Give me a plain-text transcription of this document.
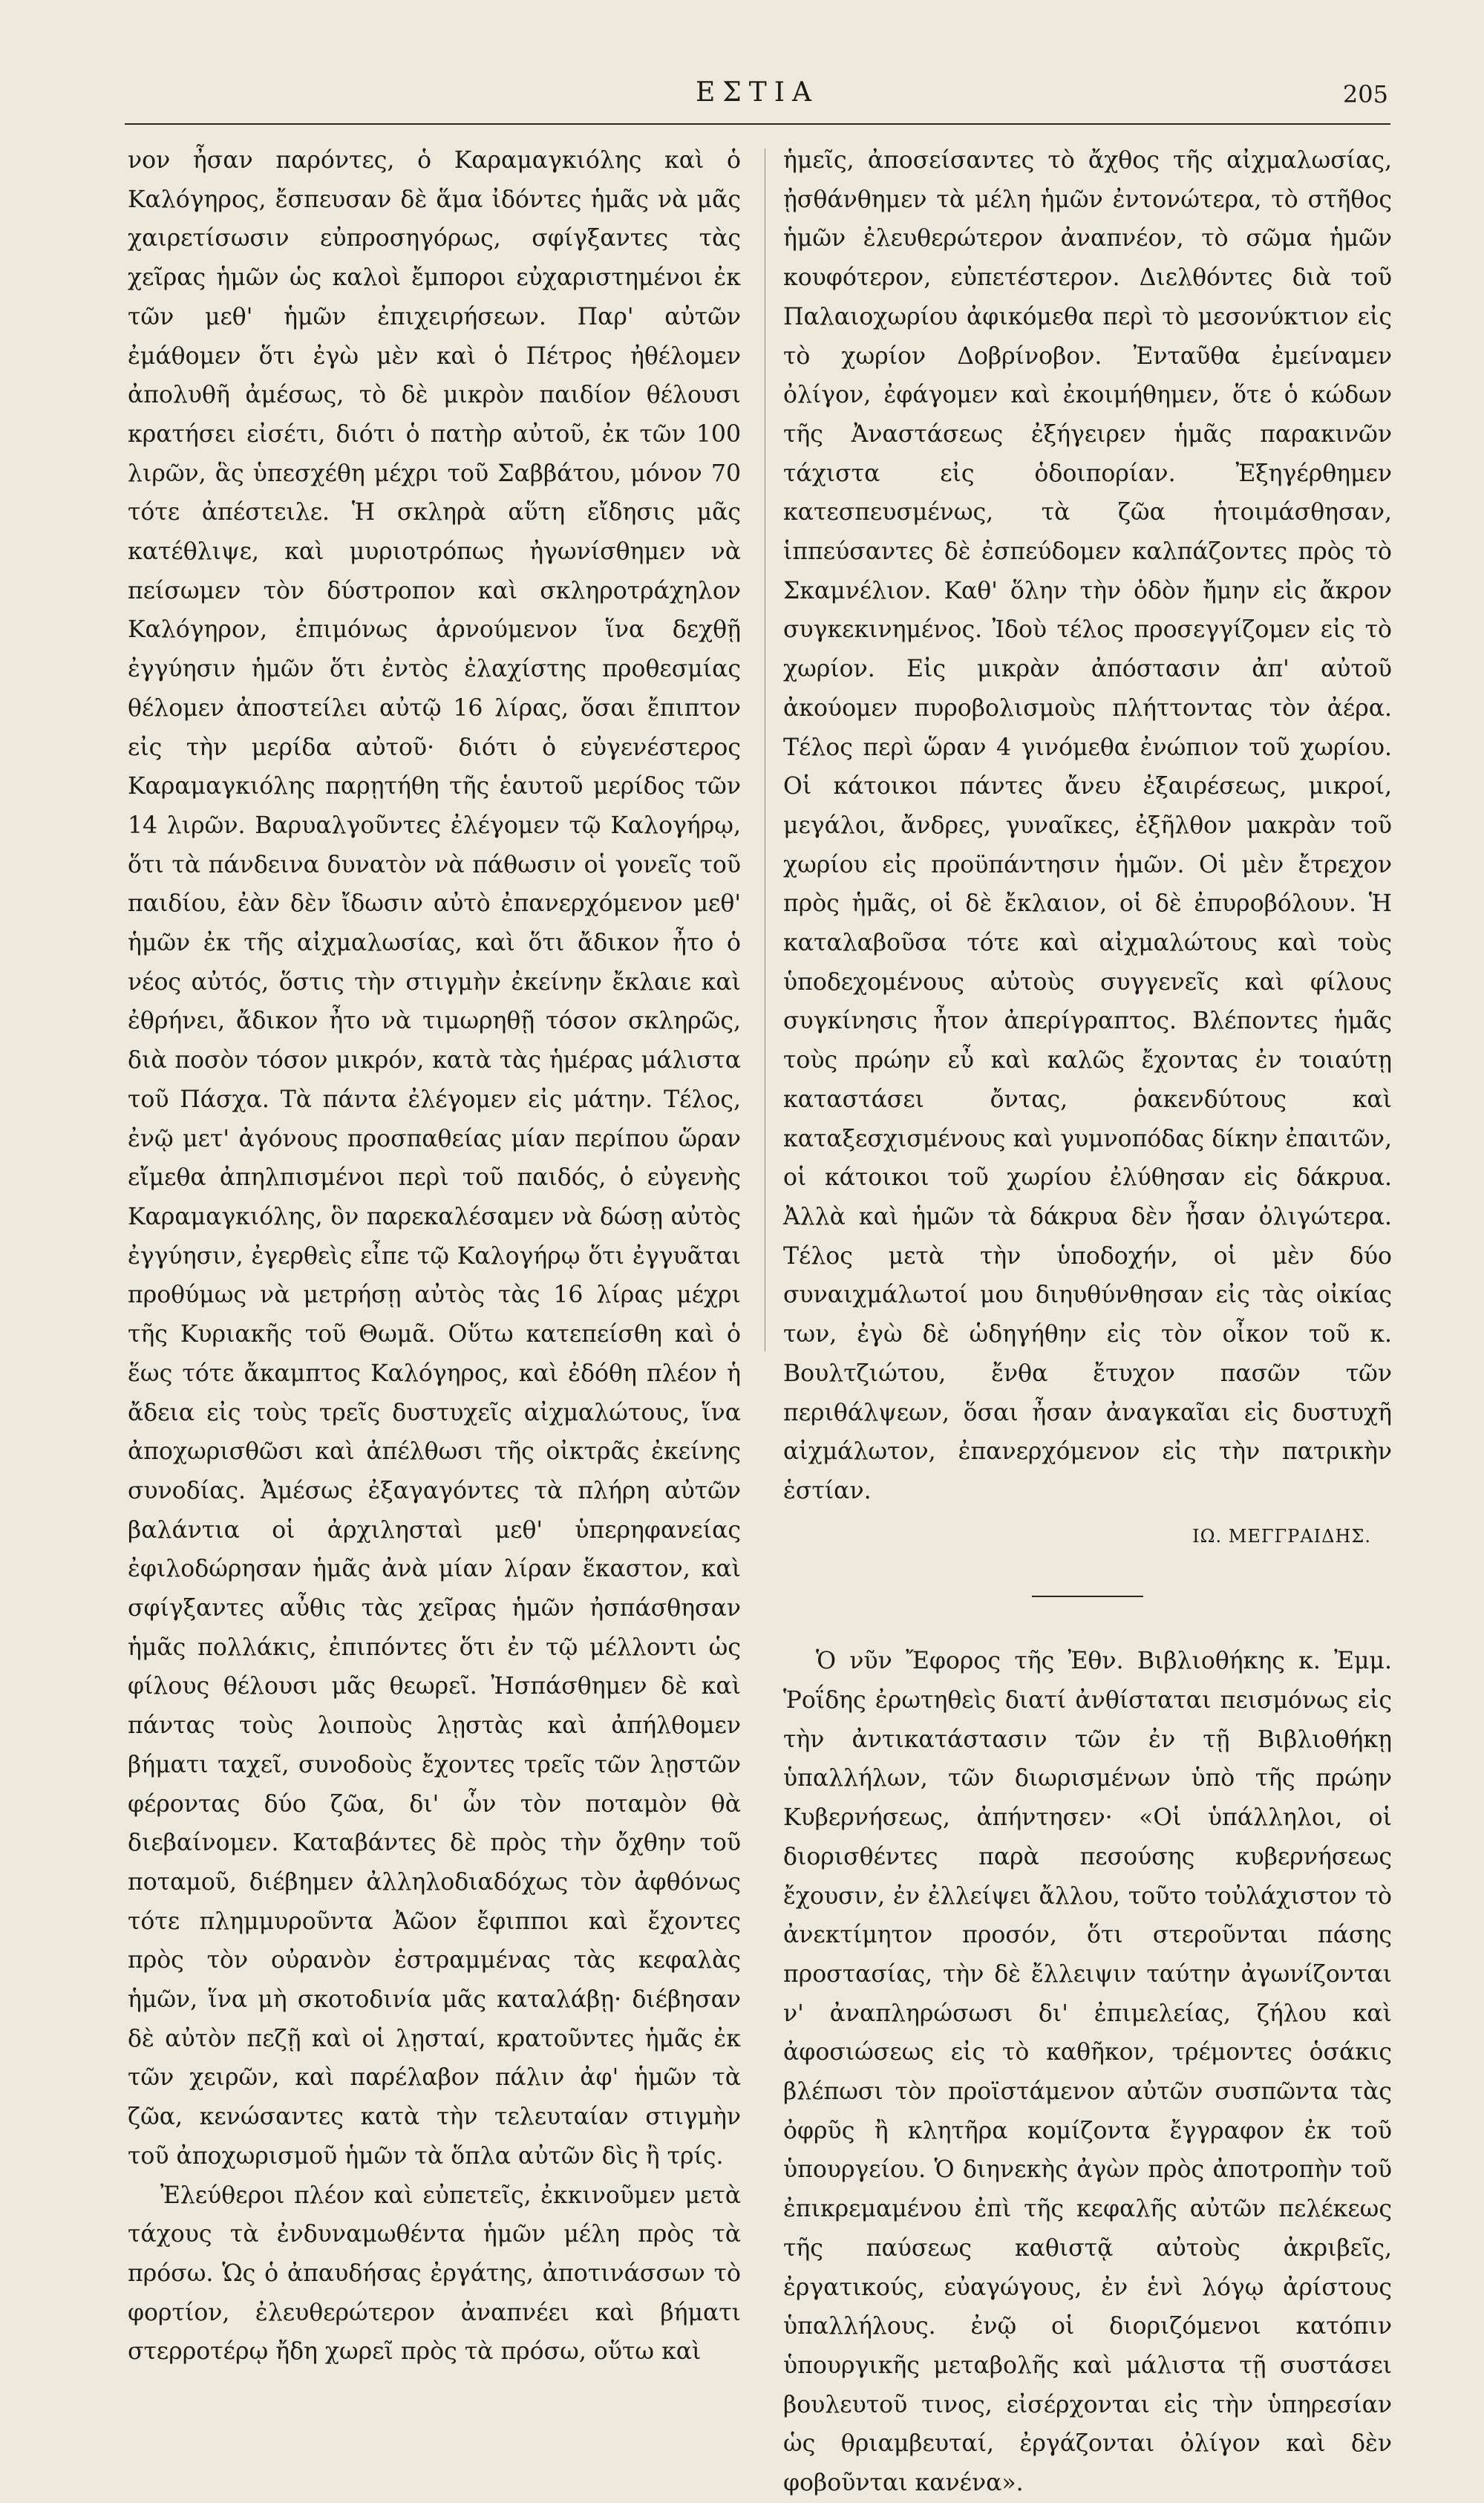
ΕΣΤΙΑ	205

νον ἦσαν παρόντες, ὁ Καραμαγκιόλης καὶ ὁ Καλόγηρος, ἔσπευσαν δὲ ἅμα ἰδόντες ἡμᾶς νὰ μᾶς χαιρετίσωσιν εὐπροσηγόρως, σφίγξαντες τὰς χεῖρας ἡμῶν ὡς καλοὶ ἔμποροι εὐχαριστημένοι ἐκ τῶν μεθ' ἡμῶν ἐπιχειρήσεων. Παρ' αὐτῶν ἐμάθομεν ὅτι ἐγὼ μὲν καὶ ὁ Πέτρος ἠθέλομεν ἀπολυθῆ ἀμέσως, τὸ δὲ μικρὸν παιδίον θέλουσι κρατήσει εἰσέτι, διότι ὁ πατὴρ αὐτοῦ, ἐκ τῶν 100 λιρῶν, ἃς ὑπεσχέθη μέχρι τοῦ Σαββάτου, μόνον 70 τότε ἀπέστειλε. Ἡ σκληρὰ αὕτη εἴδησις μᾶς κατέθλιψε, καὶ μυριοτρόπως ἠγωνίσθημεν νὰ πείσωμεν τὸν δύστροπον καὶ σκληροτράχηλον Καλόγηρον, ἐπιμόνως ἀρνούμενον ἵνα δεχθῇ ἐγγύησιν ἡμῶν ὅτι ἐντὸς ἐλαχίστης προθεσμίας θέλομεν ἀποστείλει αὐτῷ 16 λίρας, ὅσαι ἔπιπτον εἰς τὴν μερίδα αὐτοῦ· διότι ὁ εὐγενέστερος Καραμαγκιόλης παρῃτήθη τῆς ἑαυτοῦ μερίδος τῶν 14 λιρῶν. Βαρυαλγοῦντες ἐλέγομεν τῷ Καλογήρῳ, ὅτι τὰ πάνδεινα δυνατὸν νὰ πάθωσιν οἱ γονεῖς τοῦ παιδίου, ἐὰν δὲν ἴδωσιν αὐτὸ ἐπανερχόμενον μεθ' ἡμῶν ἐκ τῆς αἰχμαλωσίας, καὶ ὅτι ἄδικον ἦτο ὁ νέος αὐτός, ὅστις τὴν στιγμὴν ἐκείνην ἔκλαιε καὶ ἐθρήνει, ἄδικον ἦτο νὰ τιμωρηθῇ τόσον σκληρῶς, διὰ ποσὸν τόσον μικρόν, κατὰ τὰς ἡμέρας μάλιστα τοῦ Πάσχα. Τὰ πάντα ἐλέγομεν εἰς μάτην. Τέλος, ἐνῷ μετ' ἀγόνους προσπαθείας μίαν περίπου ὥραν εἴμεθα ἀπηλπισμένοι περὶ τοῦ παιδός, ὁ εὐγενὴς Καραμαγκιόλης, ὃν παρεκαλέσαμεν νὰ δώσῃ αὐτὸς ἐγγύησιν, ἐγερθεὶς εἶπε τῷ Καλογήρῳ ὅτι ἐγγυᾶται προθύμως νὰ μετρήσῃ αὐτὸς τὰς 16 λίρας μέχρι τῆς Κυριακῆς τοῦ Θωμᾶ. Οὕτω κατεπείσθη καὶ ὁ ἕως τότε ἄκαμπτος Καλόγηρος, καὶ ἐδόθη πλέον ἡ ἄδεια εἰς τοὺς τρεῖς δυστυχεῖς αἰχμαλώτους, ἵνα ἀποχωρισθῶσι καὶ ἀπέλθωσι τῆς οἰκτρᾶς ἐκείνης συνοδίας. Ἀμέσως ἐξαγαγόντες τὰ πλήρη αὐτῶν βαλάντια οἱ ἀρχιλησταὶ μεθ' ὑπερηφανείας ἐφιλοδώρησαν ἡμᾶς ἀνὰ μίαν λίραν ἕκαστον, καὶ σφίγξαντες αὖθις τὰς χεῖρας ἡμῶν ἠσπάσθησαν ἡμᾶς πολλάκις, ἐπιπόντες ὅτι ἐν τῷ μέλλοντι ὡς φίλους θέλουσι μᾶς θεωρεῖ. Ἠσπάσθημεν δὲ καὶ πάντας τοὺς λοιποὺς λῃστὰς καὶ ἀπήλθομεν βήματι ταχεῖ, συνοδοὺς ἔχοντες τρεῖς τῶν λῃστῶν φέροντας δύο ζῶα, δι' ὧν τὸν ποταμὸν θὰ διεβαίνομεν. Καταβάντες δὲ πρὸς τὴν ὄχθην τοῦ ποταμοῦ, διέβημεν ἀλληλοδιαδόχως τὸν ἀφθόνως τότε πλημμυροῦντα Ἀῶον ἔφιπποι καὶ ἔχοντες πρὸς τὸν οὐρανὸν ἐστραμμένας τὰς κεφαλὰς ἡμῶν, ἵνα μὴ σκοτοδινία μᾶς καταλάβῃ· διέβησαν δὲ αὐτὸν πεζῇ καὶ οἱ λῃσταί, κρατοῦντες ἡμᾶς ἐκ τῶν χειρῶν, καὶ παρέλαβον πάλιν ἀφ' ἡμῶν τὰ ζῶα, κενώσαντες κατὰ τὴν τελευταίαν στιγμὴν τοῦ ἀποχωρισμοῦ ἡμῶν τὰ ὅπλα αὐτῶν δὶς ἢ τρίς.

Ἐλεύθεροι πλέον καὶ εὐπετεῖς, ἐκκινοῦμεν μετὰ τάχους τὰ ἐνδυναμωθέντα ἡμῶν μέλη πρὸς τὰ πρόσω. Ὡς ὁ ἀπαυδήσας ἐργάτης, ἀποτινάσσων τὸ φορτίον, ἐλευθερώτερον ἀναπνέει καὶ βήματι στερροτέρῳ ἤδη χωρεῖ πρὸς τὰ πρόσω, οὕτω καὶ

ἡμεῖς, ἀποσείσαντες τὸ ἄχθος τῆς αἰχμαλωσίας, ᾐσθάνθημεν τὰ μέλη ἡμῶν ἐντονώτερα, τὸ στῆθος ἡμῶν ἐλευθερώτερον ἀναπνέον, τὸ σῶμα ἡμῶν κουφότερον, εὐπετέστερον. Διελθόντες διὰ τοῦ Παλαιοχωρίου ἀφικόμεθα περὶ τὸ μεσονύκτιον εἰς τὸ χωρίον Δοβρίνοβον. Ἐνταῦθα ἐμείναμεν ὀλίγον, ἐφάγομεν καὶ ἐκοιμήθημεν, ὅτε ὁ κώδων τῆς Ἀναστάσεως ἐξήγειρεν ἡμᾶς παρακινῶν τάχιστα εἰς ὁδοιπορίαν. Ἐξηγέρθημεν κατεσπευσμένως, τὰ ζῶα ἡτοιμάσθησαν, ἱππεύσαντες δὲ ἐσπεύδομεν καλπάζοντες πρὸς τὸ Σκαμνέλιον. Καθ' ὅλην τὴν ὁδὸν ἤμην εἰς ἄκρον συγκεκινημένος. Ἰδοὺ τέλος προσεγγίζομεν εἰς τὸ χωρίον. Εἰς μικρὰν ἀπόστασιν ἀπ' αὐτοῦ ἀκούομεν πυροβολισμοὺς πλήττοντας τὸν ἀέρα. Τέλος περὶ ὥραν 4 γινόμεθα ἐνώπιον τοῦ χωρίου. Οἱ κάτοικοι πάντες ἄνευ ἐξαιρέσεως, μικροί, μεγάλοι, ἄνδρες, γυναῖκες, ἐξῆλθον μακρὰν τοῦ χωρίου εἰς προϋπάντησιν ἡμῶν. Οἱ μὲν ἔτρεχον πρὸς ἡμᾶς, οἱ δὲ ἔκλαιον, οἱ δὲ ἐπυροβόλουν. Ἡ καταλαβοῦσα τότε καὶ αἰχμαλώτους καὶ τοὺς ὑποδεχομένους αὐτοὺς συγγενεῖς καὶ φίλους συγκίνησις ἦτον ἀπερίγραπτος. Βλέποντες ἡμᾶς τοὺς πρώην εὖ καὶ καλῶς ἔχοντας ἐν τοιαύτῃ καταστάσει ὄντας, ῥακενδύτους καὶ καταξεσχισμένους καὶ γυμνοπόδας δίκην ἐπαιτῶν, οἱ κάτοικοι τοῦ χωρίου ἐλύθησαν εἰς δάκρυα. Ἀλλὰ καὶ ἡμῶν τὰ δάκρυα δὲν ἦσαν ὀλιγώτερα. Τέλος μετὰ τὴν ὑποδοχήν, οἱ μὲν δύο συναιχμάλωτοί μου διηυθύνθησαν εἰς τὰς οἰκίας των, ἐγὼ δὲ ὡδηγήθην εἰς τὸν οἶκον τοῦ κ. Βουλτζιώτου, ἔνθα ἔτυχον πασῶν τῶν περιθάλψεων, ὅσαι ἦσαν ἀναγκαῖαι εἰς δυστυχῆ αἰχμάλωτον, ἐπανερχόμενον εἰς τὴν πατρικὴν ἑστίαν.

ΙΩ. ΜΕΓΓΡΑΙΔΗΣ.

Ὁ νῦν Ἔφορος τῆς Ἐθν. Βιβλιοθήκης κ. Ἐμμ. Ῥοΐδης ἐρωτηθεὶς διατί ἀνθίσταται πεισμόνως εἰς τὴν ἀντικατάστασιν τῶν ἐν τῇ Βιβλιοθήκῃ ὑπαλλήλων, τῶν διωρισμένων ὑπὸ τῆς πρώην Κυβερνήσεως, ἀπήντησεν· «Οἱ ὑπάλληλοι, οἱ διορισθέντες παρὰ πεσούσης κυβερνήσεως ἔχουσιν, ἐν ἐλλείψει ἄλλου, τοῦτο τοὐλάχιστον τὸ ἀνεκτίμητον προσόν, ὅτι στεροῦνται πάσης προστασίας, τὴν δὲ ἔλλειψιν ταύτην ἀγωνίζονται ν' ἀναπληρώσωσι δι' ἐπιμελείας, ζήλου καὶ ἀφοσιώσεως εἰς τὸ καθῆκον, τρέμοντες ὁσάκις βλέπωσι τὸν προϊστάμενον αὐτῶν συσπῶντα τὰς ὀφρῦς ἢ κλητῆρα κομίζοντα ἔγγραφον ἐκ τοῦ ὑπουργείου. Ὁ διηνεκὴς ἀγὼν πρὸς ἀποτροπὴν τοῦ ἐπικρεμαμένου ἐπὶ τῆς κεφαλῆς αὐτῶν πελέκεως τῆς παύσεως καθιστᾷ αὐτοὺς ἀκριβεῖς, ἐργατικούς, εὐαγώγους, ἐν ἑνὶ λόγῳ ἀρίστους ὑπαλλήλους. ἐνῷ οἱ διοριζόμενοι κατόπιν ὑπουργικῆς μεταβολῆς καὶ μάλιστα τῇ συστάσει βουλευτοῦ τινος, εἰσέρχονται εἰς τὴν ὑπηρεσίαν ὡς θριαμβευταί, ἐργάζονται ὀλίγον καὶ δὲν φοβοῦνται κανένα».
